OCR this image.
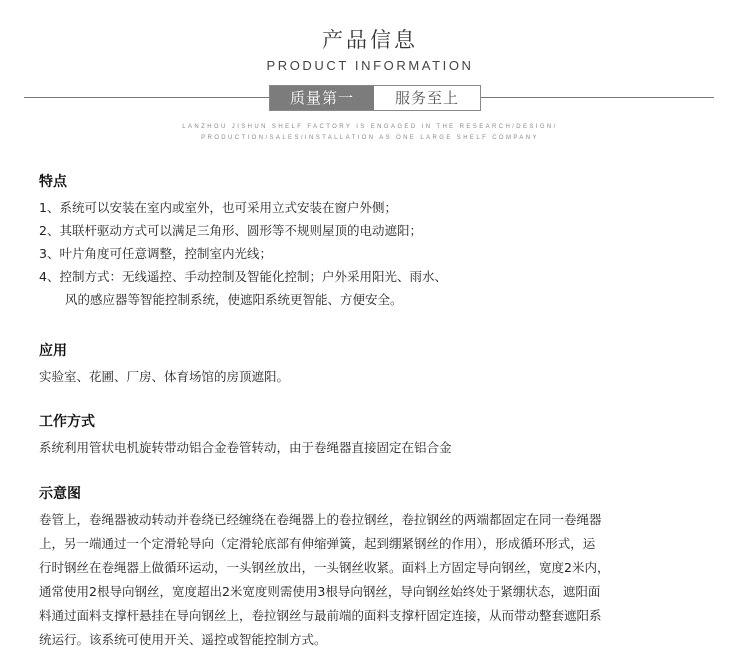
产品信息
PRODUCT INFORMATION
质量第一	服务至上
LANZHOU JISHUN SHELF FACTORY IS ENGAGED IN THE RESEARCH/DESIGN/
PRODUCTION/SALES/INSTALLATION AS ONE LARGE SHELF COMPANY
特点
1、系统可以安装在室内或室外，也可采用立式安装在窗户外侧；
2、其联杆驱动方式可以满足三角形、圆形等不规则屋顶的电动遮阳；
3、叶片角度可任意调整，控制室内光线；
4、控制方式：无线遥控、手动控制及智能化控制；户外采用阳光、雨水、
风的感应器等智能控制系统，使遮阳系统更智能、方便安全。
应用
实验室、花圃、厂房、体育场馆的房顶遮阳。
工作方式
系统利用管状电机旋转带动铝合金卷管转动，由于卷绳器直接固定在铝合金
示意图
卷管上，卷绳器被动转动并卷绕已经缠绕在卷绳器上的卷拉钢丝，卷拉钢丝的两端都固定在同一卷绳器
上，另一端通过一个定滑轮导向（定滑轮底部有伸缩弹簧，起到绷紧钢丝的作用），形成循环形式，运
行时钢丝在卷绳器上做循环运动，一头钢丝放出，一头钢丝收紧。面料上方固定导向钢丝，宽度2米内，
通常使用2根导向钢丝，宽度超出2米宽度则需使用3根导向钢丝，导向钢丝始终处于紧绷状态，遮阳面
料通过面料支撑杆悬挂在导向钢丝上，卷拉钢丝与最前端的面料支撑杆固定连接，从而带动整套遮阳系
统运行。该系统可使用开关、遥控或智能控制方式。
